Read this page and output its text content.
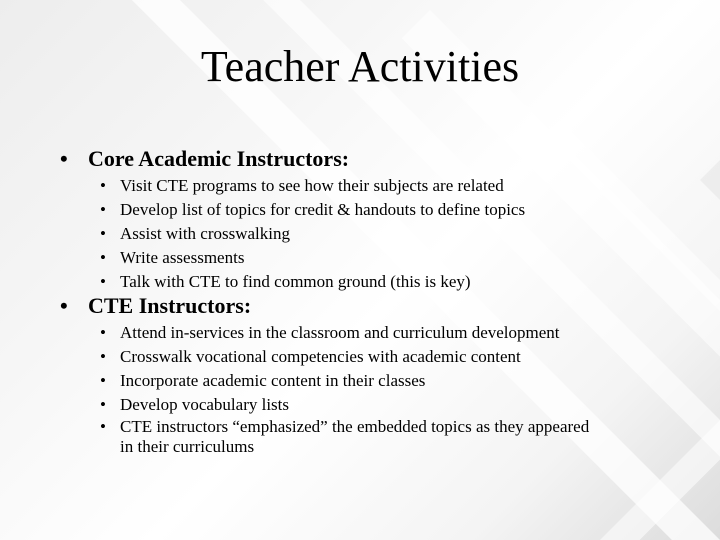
Teacher Activities

• Core Academic Instructors:

• Visit CTE programs to see how their subjects are related
• Develop list of topics for credit & handouts to define topics
• Assist with crosswalking
• Write assessments
• Talk with CTE to find common ground (this is key)

• CTE Instructors:

• Attend in-services in the classroom and curriculum development
• Crosswalk vocational competencies with academic content
• Incorporate academic content in their classes
• Develop vocabulary lists
• CTE instructors “emphasized” the embedded topics as they appeared in their curriculums
